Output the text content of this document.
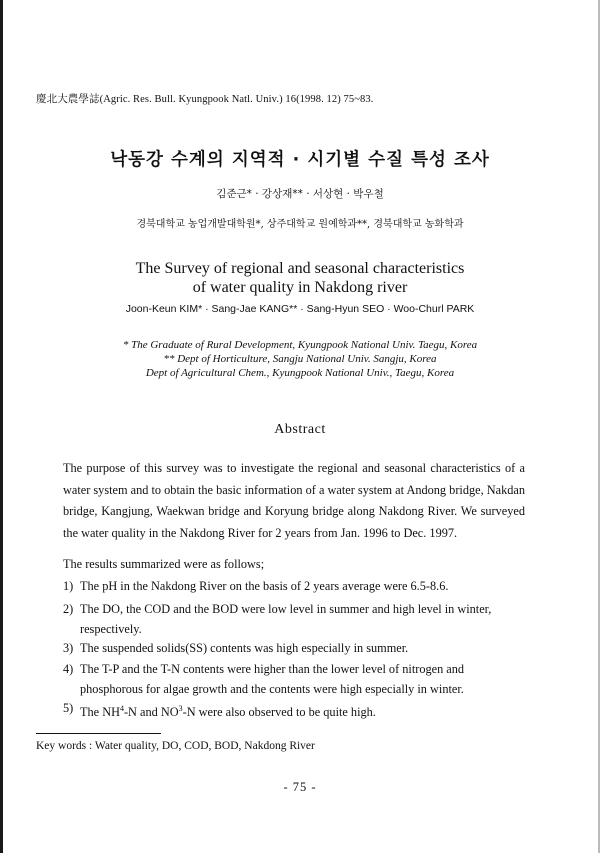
慶北大農學誌(Agric. Res. Bull. Kyungpook Natl. Univ.) 16(1998. 12) 75~83.
낙동강 수계의 지역적 · 시기별 수질 특성 조사
김준근* · 강상재** · 서상현 · 박우철
경북대학교 농업개발대학원*, 상주대학교 원예학과**, 경북대학교 농화학과
The Survey of regional and seasonal characteristics
of water quality in Nakdong river
Joon-Keun KIM* · Sang-Jae KANG** · Sang-Hyun SEO · Woo-Churl PARK
* The Graduate of Rural Development, Kyungpook National Univ. Taegu, Korea
** Dept of Horticulture, Sangju National Univ. Sangju, Korea
Dept of Agricultural Chem., Kyungpook National Univ., Taegu, Korea
Abstract
The purpose of this survey was to investigate the regional and seasonal characteristics of a water system and to obtain the basic information of a water system at Andong bridge, Nakdan bridge, Kangjung, Waekwan bridge and Koryung bridge along Nakdong River. We surveyed the water quality in the Nakdong River for 2 years from Jan. 1996 to Dec. 1997.
The results summarized were as follows;
1) The pH in the Nakdong River on the basis of 2 years average were 6.5-8.6.
2) The DO, the COD and the BOD were low level in summer and high level in winter, respectively.
3) The suspended solids(SS) contents was high especially in summer.
4) The T-P and the T-N contents were higher than the lower level of nitrogen and phosphorous for algae growth and the contents were high especially in winter.
5) The $NH^4-N$ and $NO^3-N$ were also observed to be quite high.
Key words : Water quality, DO, COD, BOD, Nakdong River
- 75 -
